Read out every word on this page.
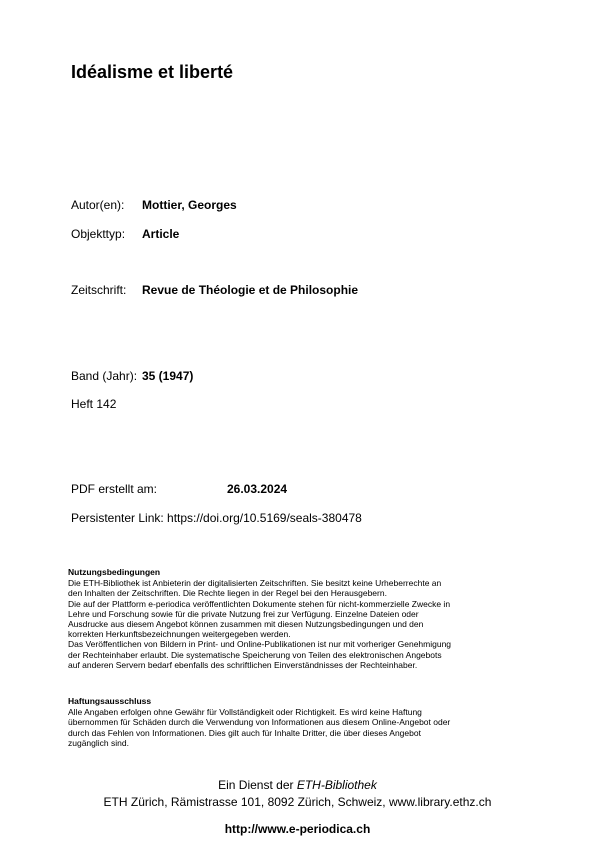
Idéalisme et liberté
Autor(en): Mottier, Georges
Objekttyp: Article
Zeitschrift: Revue de Théologie et de Philosophie
Band (Jahr): 35 (1947)
Heft 142
PDF erstellt am:	26.03.2024
Persistenter Link: https://doi.org/10.5169/seals-380478
Nutzungsbedingungen

Die ETH-Bibliothek ist Anbieterin der digitalisierten Zeitschriften. Sie besitzt keine Urheberrechte an

den Inhalten der Zeitschriften. Die Rechte liegen in der Regel bei den Herausgebern.

Die auf der Plattform e-periodica veröffentlichten Dokumente stehen für nicht-kommerzielle Zwecke in

Lehre und Forschung sowie für die private Nutzung frei zur Verfügung. Einzelne Dateien oder

Ausdrucke aus diesem Angebot können zusammen mit diesen Nutzungsbedingungen und den

korrekten Herkunftsbezeichnungen weitergegeben werden.

Das Veröffentlichen von Bildern in Print- und Online-Publikationen ist nur mit vorheriger Genehmigung

der Rechteinhaber erlaubt. Die systematische Speicherung von Teilen des elektronischen Angebots

auf anderen Servern bedarf ebenfalls des schriftlichen Einverständnisses der Rechteinhaber.

Haftungsausschluss

Alle Angaben erfolgen ohne Gewähr für Vollständigkeit oder Richtigkeit. Es wird keine Haftung

übernommen für Schäden durch die Verwendung von Informationen aus diesem Online-Angebot oder

durch das Fehlen von Informationen. Dies gilt auch für Inhalte Dritter, die über dieses Angebot

zugänglich sind.

Ein Dienst der ETH-Bibliothek
ETH Zürich, Rämistrasse 101, 8092 Zürich, Schweiz, www.library.ethz.ch
http://www.e-periodica.ch
